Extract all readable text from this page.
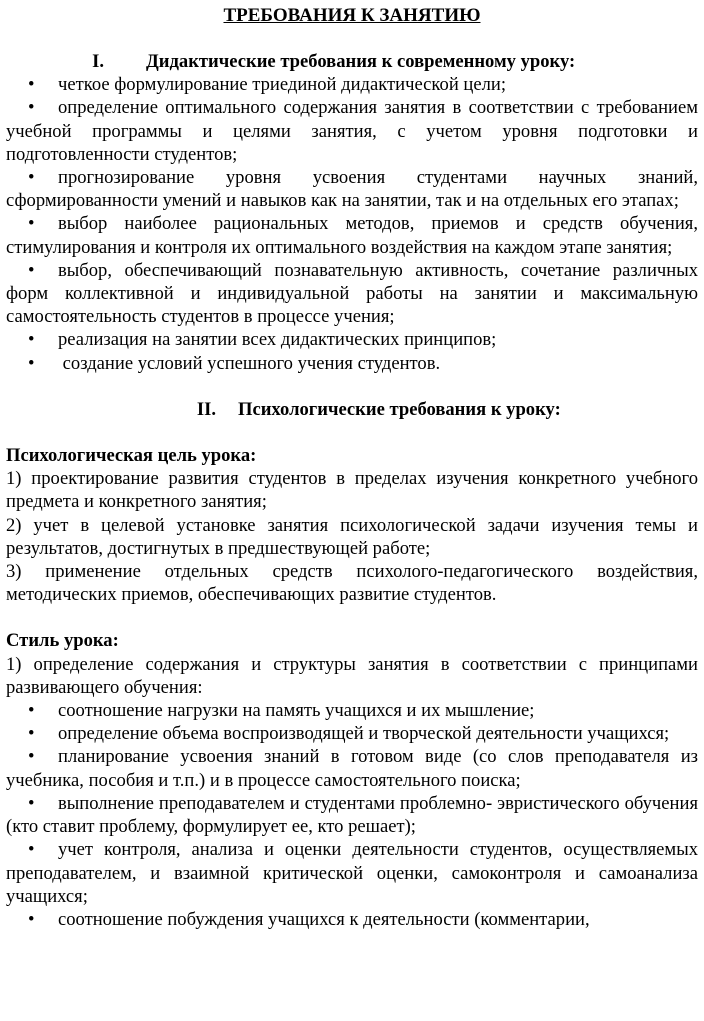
ТРЕБОВАНИЯ К ЗАНЯТИЮ
I. Дидактические требования к современному уроку:

• четкое формулирование триединой дидактической цели;

• определение оптимального содержания занятия в соответствии с требованием учебной программы и целями занятия, с учетом уровня подготовки и подготовленности студентов;

• прогнозирование уровня усвоения студентами научных знаний, сформированности умений и навыков как на занятии, так и на отдельных его этапах;

• выбор наиболее рациональных методов, приемов и средств обучения, стимулирования и контроля их оптимального воздействия на каждом этапе занятия;

• выбор, обеспечивающий познавательную активность, сочетание различных форм коллективной и индивидуальной работы на занятии и максимальную самостоятельность студентов в процессе учения;

• реализация на занятии всех дидактических принципов;

• создание условий успешного учения студентов.

II. Психологические требования к уроку:

Психологическая цель урока:

1) проектирование развития студентов в пределах изучения конкретного учебного предмета и конкретного занятия;

2) учет в целевой установке занятия психологической задачи изучения темы и результатов, достигнутых в предшествующей работе;

3) применение отдельных средств психолого-педагогического воздействия, методических приемов, обеспечивающих развитие студентов.

Стиль урока:

1) определение содержания и структуры занятия в соответствии с принципами развивающего обучения:

• соотношение нагрузки на память учащихся и их мышление;

• определение объема воспроизводящей и творческой деятельности учащихся;

• планирование усвоения знаний в готовом виде (со слов преподавателя из учебника, пособия и т.п.) и в процессе самостоятельного поиска;

• выполнение преподавателем и студентами проблемно- эвристического обучения (кто ставит проблему, формулирует ее, кто решает);

• учет контроля, анализа и оценки деятельности студентов, осуществляемых преподавателем, и взаимной критической оценки, самоконтроля и самоанализа учащихся;

• соотношение побуждения учащихся к деятельности (комментарии,
